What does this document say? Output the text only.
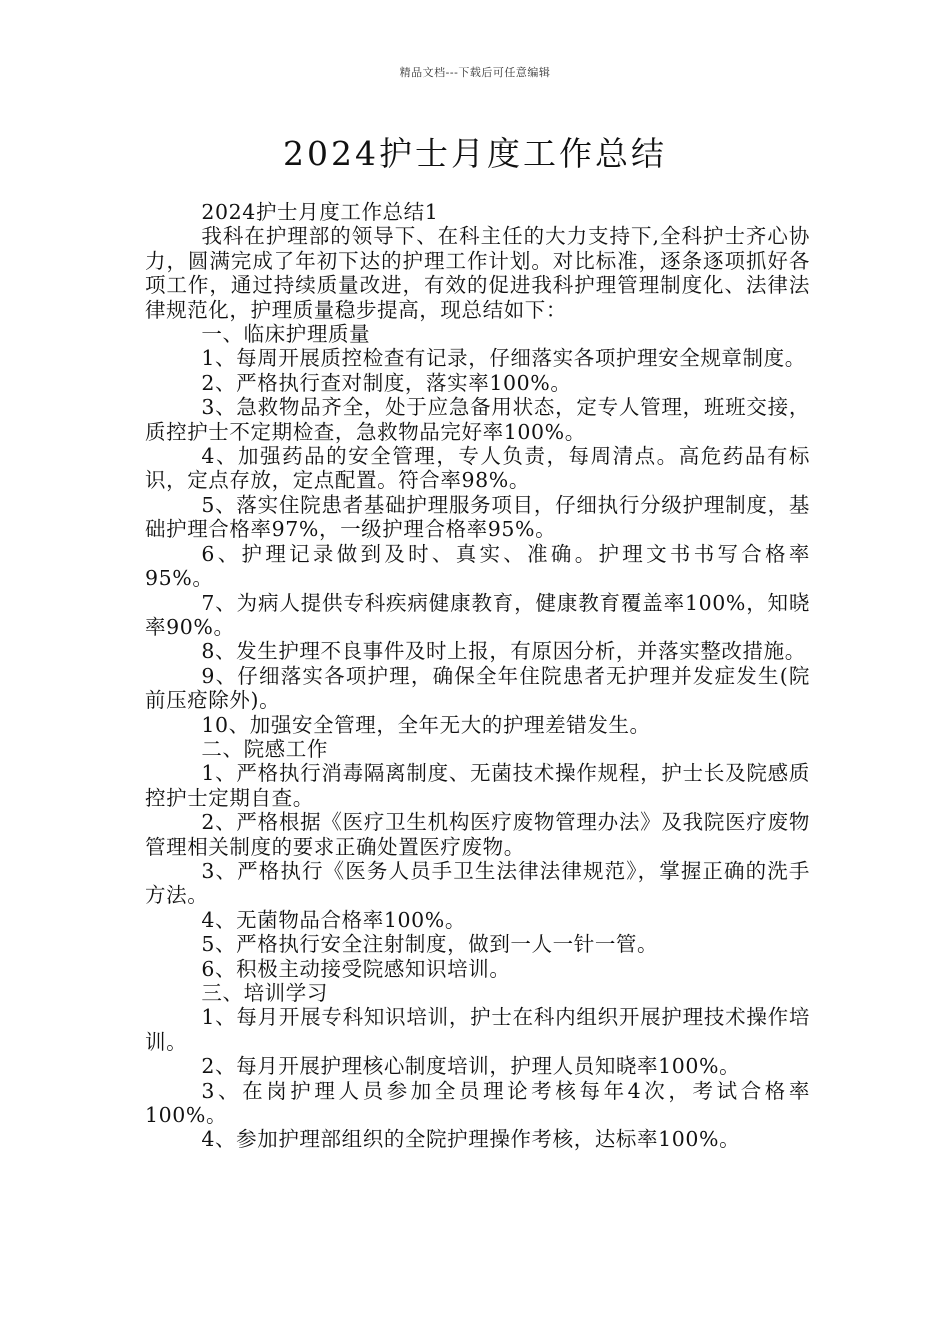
精品文档---下载后可任意编辑
2024护士月度工作总结

2024护士月度工作总结1

我科在护理部的领导下、在科主任的大力支持下,全科护士齐心协力，圆满完成了年初下达的护理工作计划。对比标准，逐条逐项抓好各项工作，通过持续质量改进，有效的促进我科护理管理制度化、法律法律规范化，护理质量稳步提高，现总结如下：

一、临床护理质量

1、每周开展质控检查有记录，仔细落实各项护理安全规章制度。

2、严格执行查对制度，落实率100%。

3、急救物品齐全，处于应急备用状态，定专人管理，班班交接，质控护士不定期检查，急救物品完好率100%。

4、加强药品的安全管理，专人负责，每周清点。高危药品有标识，定点存放，定点配置。符合率98%。

5、落实住院患者基础护理服务项目，仔细执行分级护理制度，基础护理合格率97%，一级护理合格率95%。

6、护理记录做到及时、真实、准确。护理文书书写合格率95%。

7、为病人提供专科疾病健康教育，健康教育覆盖率100%，知晓率90%。

8、发生护理不良事件及时上报，有原因分析，并落实整改措施。

9、仔细落实各项护理，确保全年住院患者无护理并发症发生(院前压疮除外)。

10、加强安全管理，全年无大的护理差错发生。

二、院感工作

1、严格执行消毒隔离制度、无菌技术操作规程，护士长及院感质控护士定期自查。

2、严格根据《医疗卫生机构医疗废物管理办法》及我院医疗废物管理相关制度的要求正确处置医疗废物。

3、严格执行《医务人员手卫生法律法律规范》，掌握正确的洗手方法。

4、无菌物品合格率100%。

5、严格执行安全注射制度，做到一人一针一管。

6、积极主动接受院感知识培训。

三、培训学习

1、每月开展专科知识培训，护士在科内组织开展护理技术操作培训。

2、每月开展护理核心制度培训，护理人员知晓率100%。

3、在岗护理人员参加全员理论考核每年4次，考试合格率100%。

4、参加护理部组织的全院护理操作考核，达标率100%。
